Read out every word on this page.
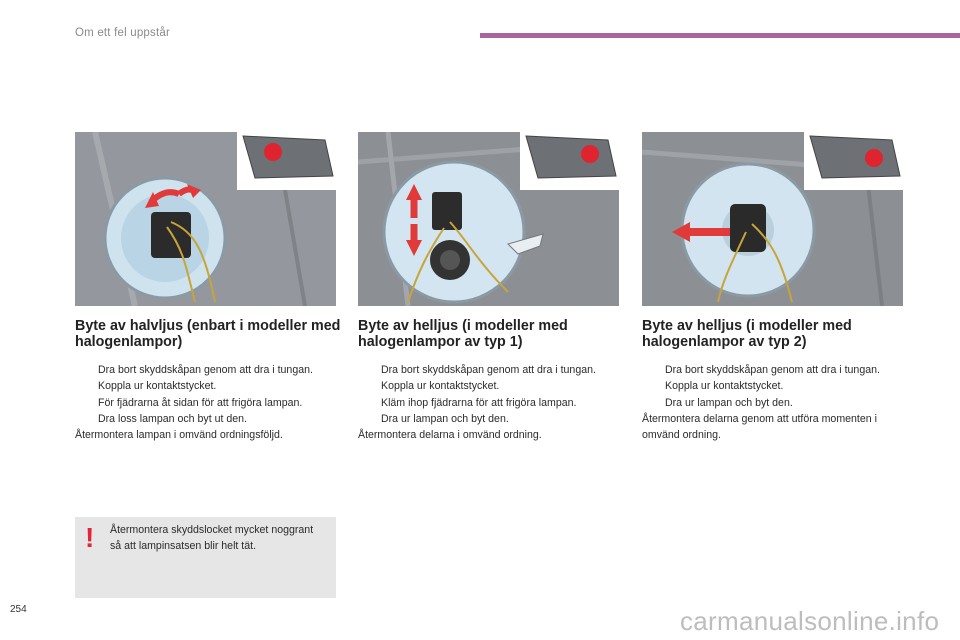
Om ett fel uppstår
Byte av halvljus (enbart i modeller med halogenlampor)
Dra bort skyddskåpan genom att dra i tungan.
Koppla ur kontaktstycket.
För fjädrarna åt sidan för att frigöra lampan.
Dra loss lampan och byt ut den.
Återmontera lampan i omvänd ordningsföljd.
Byte av helljus (i modeller med halogenlampor av typ 1)
Dra bort skyddskåpan genom att dra i tungan.
Koppla ur kontaktstycket.
Kläm ihop fjädrarna för att frigöra lampan.
Dra ur lampan och byt den.
Återmontera delarna i omvänd ordning.
Byte av helljus (i modeller med halogenlampor av typ 2)
Dra bort skyddskåpan genom att dra i tungan.
Koppla ur kontaktstycket.
Dra ur lampan och byt den.
Återmontera delarna genom att utföra momenten i omvänd ordning.
! Återmontera skyddslocket mycket noggrant så att lampinsatsen blir helt tät.
254	carmanualsonline.info
